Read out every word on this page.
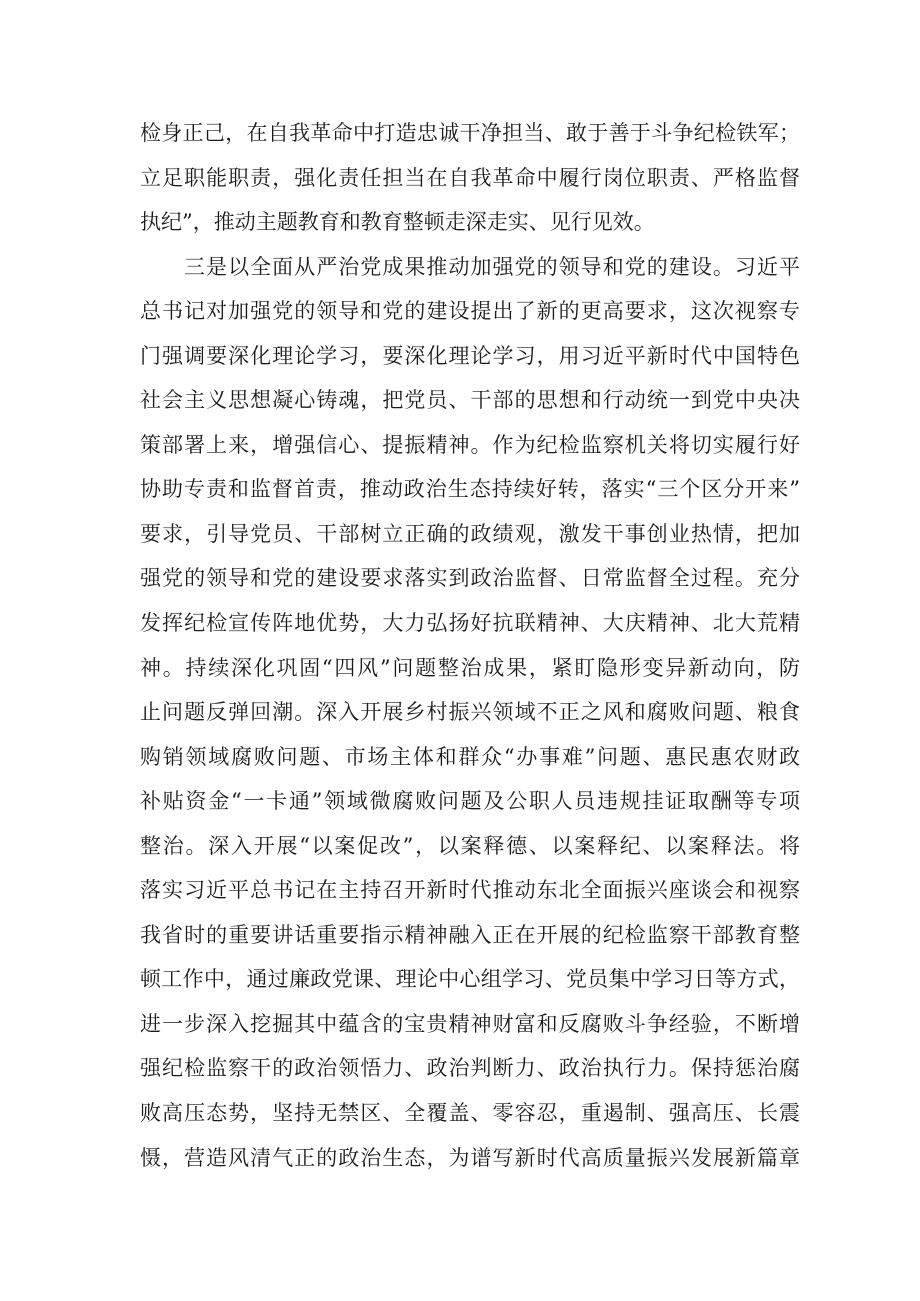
检身正己，在自我革命中打造忠诚干净担当、敢于善于斗争纪检铁军；
立足职能职责，强化责任担当在自我革命中履行岗位职责、严格监督
执纪”，推动主题教育和教育整顿走深走实、见行见效。
三是以全面从严治党成果推动加强党的领导和党的建设。习近平
总书记对加强党的领导和党的建设提出了新的更高要求，这次视察专
门强调要深化理论学习，要深化理论学习，用习近平新时代中国特色
社会主义思想凝心铸魂，把党员、干部的思想和行动统一到党中央决
策部署上来，增强信心、提振精神。作为纪检监察机关将切实履行好
协助专责和监督首责，推动政治生态持续好转，落实“三个区分开来”
要求，引导党员、干部树立正确的政绩观，激发干事创业热情，把加
强党的领导和党的建设要求落实到政治监督、日常监督全过程。充分
发挥纪检宣传阵地优势，大力弘扬好抗联精神、大庆精神、北大荒精
神。持续深化巩固“四风”问题整治成果，紧盯隐形变异新动向，防
止问题反弹回潮。深入开展乡村振兴领域不正之风和腐败问题、粮食
购销领域腐败问题、市场主体和群众“办事难”问题、惠民惠农财政
补贴资金“一卡通”领域微腐败问题及公职人员违规挂证取酬等专项
整治。深入开展“以案促改”，以案释德、以案释纪、以案释法。将
落实习近平总书记在主持召开新时代推动东北全面振兴座谈会和视察
我省时的重要讲话重要指示精神融入正在开展的纪检监察干部教育整
顿工作中，通过廉政党课、理论中心组学习、党员集中学习日等方式，
进一步深入挖掘其中蕴含的宝贵精神财富和反腐败斗争经验，不断增
强纪检监察干的政治领悟力、政治判断力、政治执行力。保持惩治腐
败高压态势，坚持无禁区、全覆盖、零容忍，重遏制、强高压、长震
慑，营造风清气正的政治生态，为谱写新时代高质量振兴发展新篇章
